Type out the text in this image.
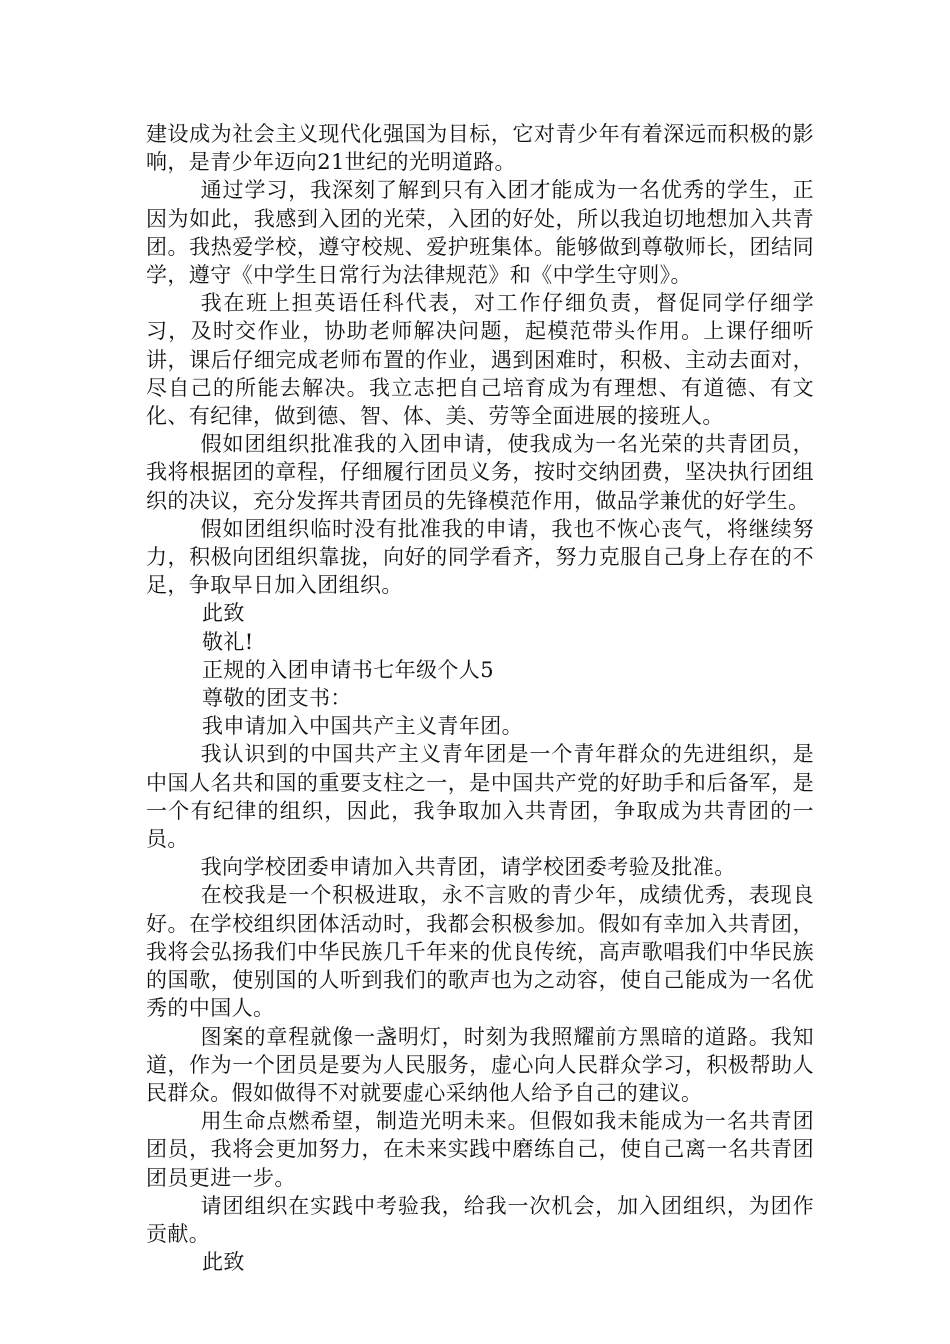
建设成为社会主义现代化强国为目标，它对青少年有着深远而积极的影响，是青少年迈向21世纪的光明道路。

通过学习，我深刻了解到只有入团才能成为一名优秀的学生，正因为如此，我感到入团的光荣，入团的好处，所以我迫切地想加入共青团。我热爱学校，遵守校规、爱护班集体。能够做到尊敬师长，团结同学，遵守《中学生日常行为法律规范》和《中学生守则》。

我在班上担英语任科代表，对工作仔细负责，督促同学仔细学习，及时交作业，协助老师解决问题，起模范带头作用。上课仔细听讲，课后仔细完成老师布置的作业，遇到困难时，积极、主动去面对，尽自己的所能去解决。我立志把自己培育成为有理想、有道德、有文化、有纪律，做到德、智、体、美、劳等全面进展的接班人。

假如团组织批准我的入团申请，使我成为一名光荣的共青团员，我将根据团的章程，仔细履行团员义务，按时交纳团费，坚决执行团组织的决议，充分发挥共青团员的先锋模范作用，做品学兼优的好学生。

假如团组织临时没有批准我的申请，我也不恢心丧气，将继续努力，积极向团组织靠拢，向好的同学看齐，努力克服自己身上存在的不足，争取早日加入团组织。

此致

敬礼!

正规的入团申请书七年级个人5

尊敬的团支书：

我申请加入中国共产主义青年团。

我认识到的中国共产主义青年团是一个青年群众的先进组织，是中国人名共和国的重要支柱之一，是中国共产党的好助手和后备军，是一个有纪律的组织，因此，我争取加入共青团，争取成为共青团的一员。

我向学校团委申请加入共青团，请学校团委考验及批准。

在校我是一个积极进取，永不言败的青少年，成绩优秀，表现良好。在学校组织团体活动时，我都会积极参加。假如有幸加入共青团，我将会弘扬我们中华民族几千年来的优良传统，高声歌唱我们中华民族的国歌，使别国的人听到我们的歌声也为之动容，使自己能成为一名优秀的中国人。

图案的章程就像一盏明灯，时刻为我照耀前方黑暗的道路。我知道，作为一个团员是要为人民服务，虚心向人民群众学习，积极帮助人民群众。假如做得不对就要虚心采纳他人给予自己的建议。

用生命点燃希望，制造光明未来。但假如我未能成为一名共青团团员，我将会更加努力，在未来实践中磨练自己，使自己离一名共青团团员更进一步。

请团组织在实践中考验我，给我一次机会，加入团组织，为团作贡献。

此致
